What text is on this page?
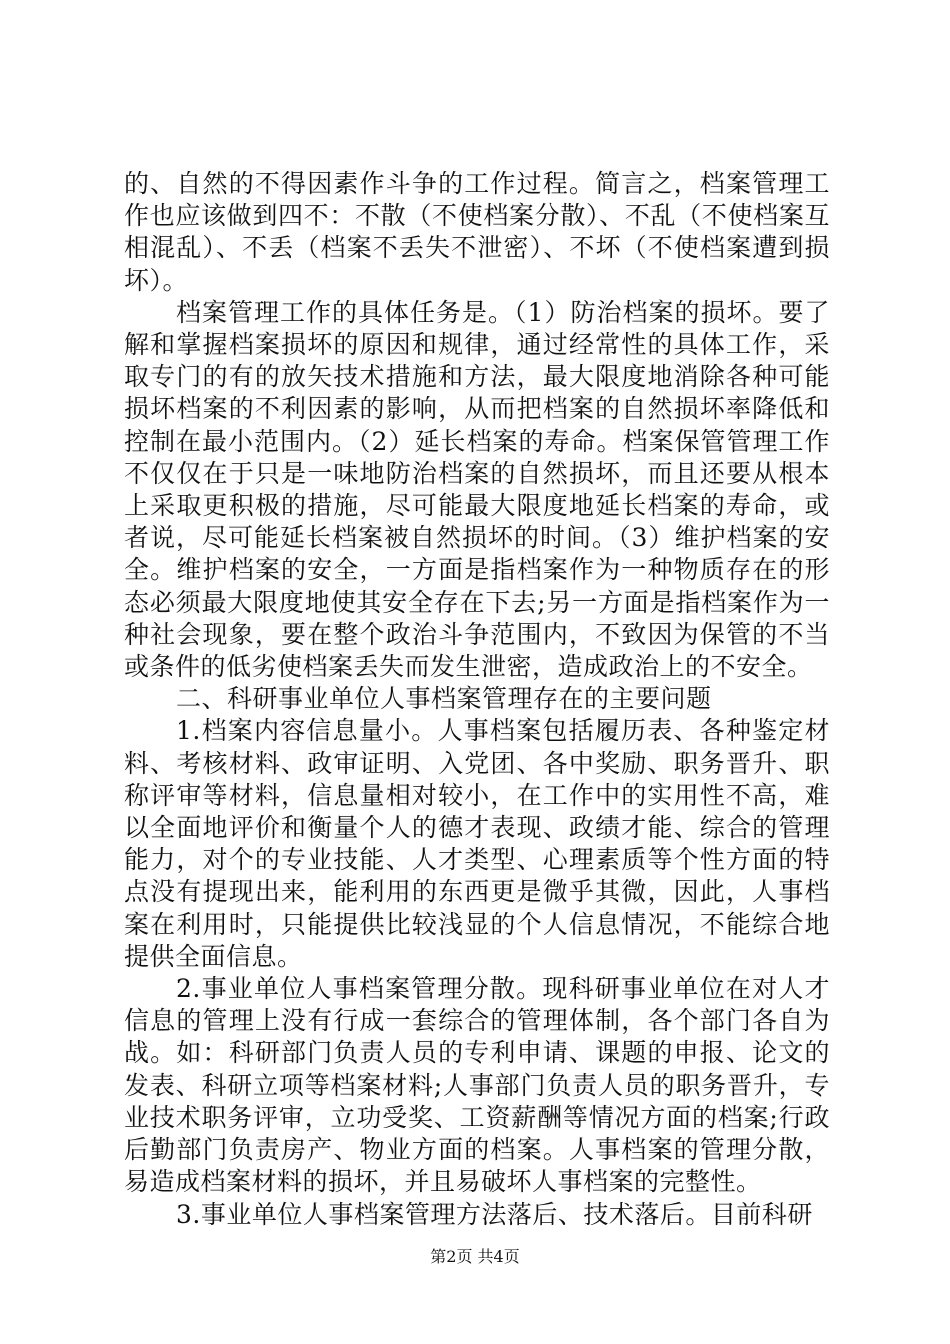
的、自然的不得因素作斗争的工作过程。简言之，档案管理工作也应该做到四不：不散（不使档案分散）、不乱（不使档案互相混乱）、不丢（档案不丢失不泄密）、不坏（不使档案遭到损坏）。

档案管理工作的具体任务是。（1）防治档案的损坏。要了解和掌握档案损坏的原因和规律，通过经常性的具体工作，采取专门的有的放矢技术措施和方法，最大限度地消除各种可能损坏档案的不利因素的影响，从而把档案的自然损坏率降低和控制在最小范围内。（2）延长档案的寿命。档案保管管理工作不仅仅在于只是一味地防治档案的自然损坏，而且还要从根本上采取更积极的措施，尽可能最大限度地延长档案的寿命，或者说，尽可能延长档案被自然损坏的时间。（3）维护档案的安全。维护档案的安全，一方面是指档案作为一种物质存在的形态必须最大限度地使其安全存在下去;另一方面是指档案作为一种社会现象，要在整个政治斗争范围内，不致因为保管的不当或条件的低劣使档案丢失而发生泄密，造成政治上的不安全。

二、科研事业单位人事档案管理存在的主要问题

1.档案内容信息量小。人事档案包括履历表、各种鉴定材料、考核材料、政审证明、入党团、各中奖励、职务晋升、职称评审等材料，信息量相对较小，在工作中的实用性不高，难以全面地评价和衡量个人的德才表现、政绩才能、综合的管理能力，对个的专业技能、人才类型、心理素质等个性方面的特点没有提现出来，能利用的东西更是微乎其微，因此，人事档案在利用时，只能提供比较浅显的个人信息情况，不能综合地提供全面信息。

2.事业单位人事档案管理分散。现科研事业单位在对人才信息的管理上没有行成一套综合的管理体制，各个部门各自为战。如：科研部门负责人员的专利申请、课题的申报、论文的发表、科研立项等档案材料;人事部门负责人员的职务晋升，专业技术职务评审，立功受奖、工资薪酬等情况方面的档案;行政后勤部门负责房产、物业方面的档案。人事档案的管理分散，易造成档案材料的损坏，并且易破坏人事档案的完整性。

3.事业单位人事档案管理方法落后、技术落后。目前科研

第2页 共4页
